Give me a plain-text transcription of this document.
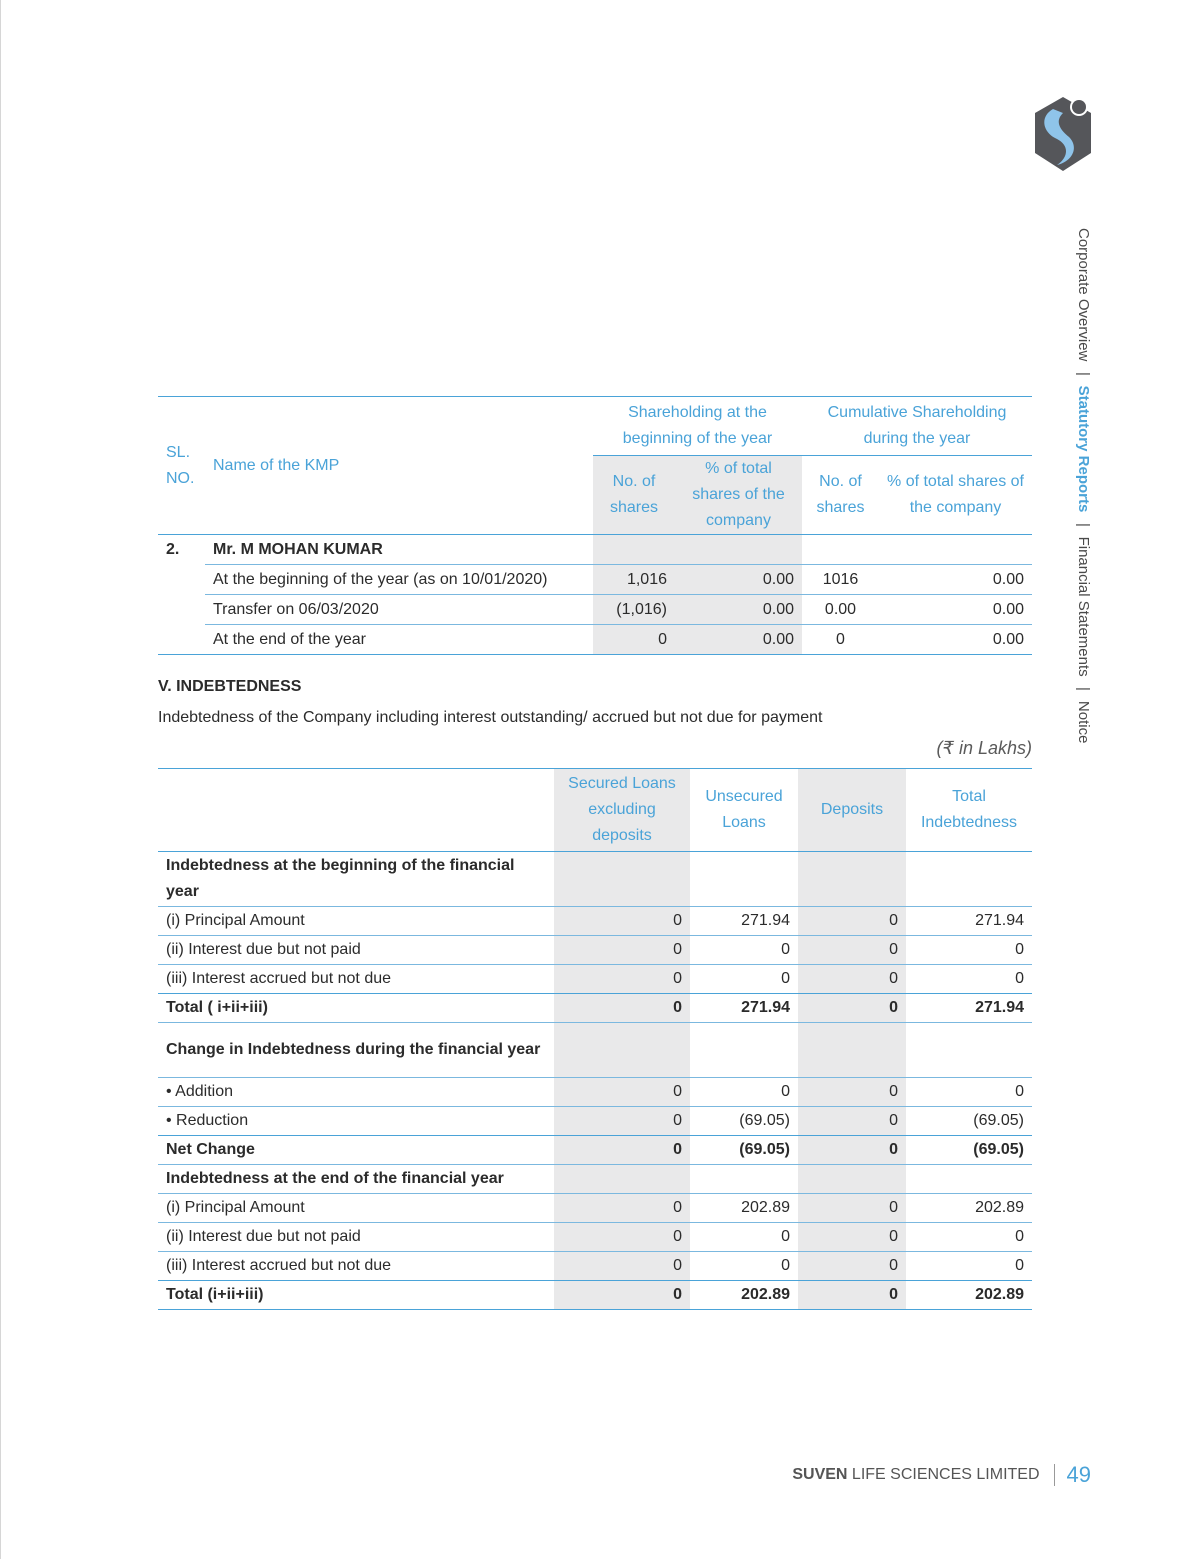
Corporate Overview | Statutory Reports | Financial Statements | Notice
SL. NO.	Name of the KMP	Shareholding at the beginning of the year		Cumulative Shareholding during the year	
		No. of shares	% of total shares of the company	No. of shares	% of total shares of the company
2.	Mr. M MOHAN KUMAR				
	At the beginning of the year (as on 10/01/2020)	1,016	0.00	1016	0.00
	Transfer on 06/03/2020	(1,016)	0.00	0.00	0.00
	At the end of the year	0	0.00	0	0.00
V. INDEBTEDNESS
Indebtedness of the Company including interest outstanding/ accrued but not due for payment
(₹ in Lakhs)
	Secured Loans excluding deposits	Unsecured Loans	Deposits	Total Indebtedness
Indebtedness at the beginning of the financial year				
(i) Principal Amount	0	271.94	0	271.94
(ii) Interest due but not paid	0	0	0	0
(iii) Interest accrued but not due	0	0	0	0
Total ( i+ii+iii)	0	271.94	0	271.94
Change in Indebtedness during the financial year				
• Addition	0	0	0	0
• Reduction	0	(69.05)	0	(69.05)
Net Change	0	(69.05)	0	(69.05)
Indebtedness at the end of the financial year				
(i) Principal Amount	0	202.89	0	202.89
(ii) Interest due but not paid	0	0	0	0
(iii) Interest accrued but not due	0	0	0	0
Total (i+ii+iii)	0	202.89	0	202.89
SUVEN
LIFE SCIENCES LIMITED 49
